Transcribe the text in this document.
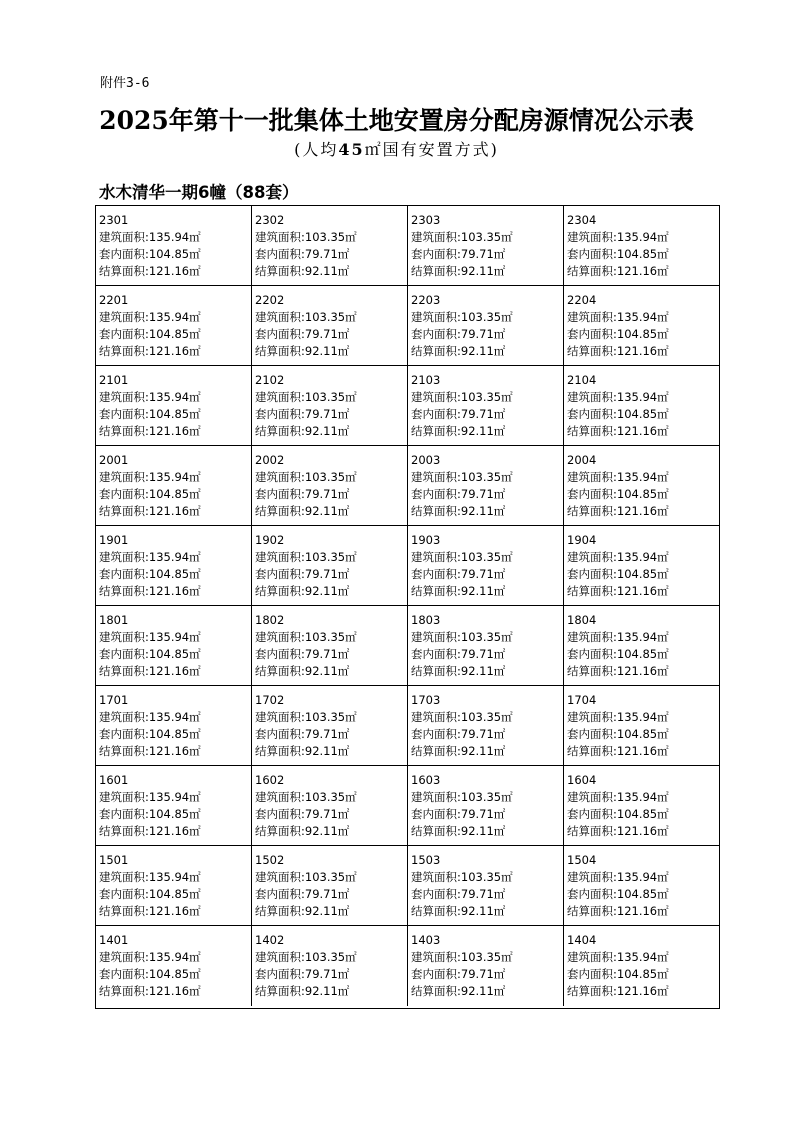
附件3-6
2025年第十一批集体土地安置房分配房源情况公示表
(人均45㎡国有安置方式)
水木清华一期6幢（88套）
2301
建筑面积:135.94㎡
套内面积:104.85㎡
结算面积:121.16㎡
2302
建筑面积:103.35㎡
套内面积:79.71㎡
结算面积:92.11㎡
2303
建筑面积:103.35㎡
套内面积:79.71㎡
结算面积:92.11㎡
2304
建筑面积:135.94㎡
套内面积:104.85㎡
结算面积:121.16㎡
2201
建筑面积:135.94㎡
套内面积:104.85㎡
结算面积:121.16㎡
2202
建筑面积:103.35㎡
套内面积:79.71㎡
结算面积:92.11㎡
2203
建筑面积:103.35㎡
套内面积:79.71㎡
结算面积:92.11㎡
2204
建筑面积:135.94㎡
套内面积:104.85㎡
结算面积:121.16㎡
2101
建筑面积:135.94㎡
套内面积:104.85㎡
结算面积:121.16㎡
2102
建筑面积:103.35㎡
套内面积:79.71㎡
结算面积:92.11㎡
2103
建筑面积:103.35㎡
套内面积:79.71㎡
结算面积:92.11㎡
2104
建筑面积:135.94㎡
套内面积:104.85㎡
结算面积:121.16㎡
2001
建筑面积:135.94㎡
套内面积:104.85㎡
结算面积:121.16㎡
2002
建筑面积:103.35㎡
套内面积:79.71㎡
结算面积:92.11㎡
2003
建筑面积:103.35㎡
套内面积:79.71㎡
结算面积:92.11㎡
2004
建筑面积:135.94㎡
套内面积:104.85㎡
结算面积:121.16㎡
1901
建筑面积:135.94㎡
套内面积:104.85㎡
结算面积:121.16㎡
1902
建筑面积:103.35㎡
套内面积:79.71㎡
结算面积:92.11㎡
1903
建筑面积:103.35㎡
套内面积:79.71㎡
结算面积:92.11㎡
1904
建筑面积:135.94㎡
套内面积:104.85㎡
结算面积:121.16㎡
1801
建筑面积:135.94㎡
套内面积:104.85㎡
结算面积:121.16㎡
1802
建筑面积:103.35㎡
套内面积:79.71㎡
结算面积:92.11㎡
1803
建筑面积:103.35㎡
套内面积:79.71㎡
结算面积:92.11㎡
1804
建筑面积:135.94㎡
套内面积:104.85㎡
结算面积:121.16㎡
1701
建筑面积:135.94㎡
套内面积:104.85㎡
结算面积:121.16㎡
1702
建筑面积:103.35㎡
套内面积:79.71㎡
结算面积:92.11㎡
1703
建筑面积:103.35㎡
套内面积:79.71㎡
结算面积:92.11㎡
1704
建筑面积:135.94㎡
套内面积:104.85㎡
结算面积:121.16㎡
1601
建筑面积:135.94㎡
套内面积:104.85㎡
结算面积:121.16㎡
1602
建筑面积:103.35㎡
套内面积:79.71㎡
结算面积:92.11㎡
1603
建筑面积:103.35㎡
套内面积:79.71㎡
结算面积:92.11㎡
1604
建筑面积:135.94㎡
套内面积:104.85㎡
结算面积:121.16㎡
1501
建筑面积:135.94㎡
套内面积:104.85㎡
结算面积:121.16㎡
1502
建筑面积:103.35㎡
套内面积:79.71㎡
结算面积:92.11㎡
1503
建筑面积:103.35㎡
套内面积:79.71㎡
结算面积:92.11㎡
1504
建筑面积:135.94㎡
套内面积:104.85㎡
结算面积:121.16㎡
1401
建筑面积:135.94㎡
套内面积:104.85㎡
结算面积:121.16㎡
1402
建筑面积:103.35㎡
套内面积:79.71㎡
结算面积:92.11㎡
1403
建筑面积:103.35㎡
套内面积:79.71㎡
结算面积:92.11㎡
1404
建筑面积:135.94㎡
套内面积:104.85㎡
结算面积:121.16㎡
